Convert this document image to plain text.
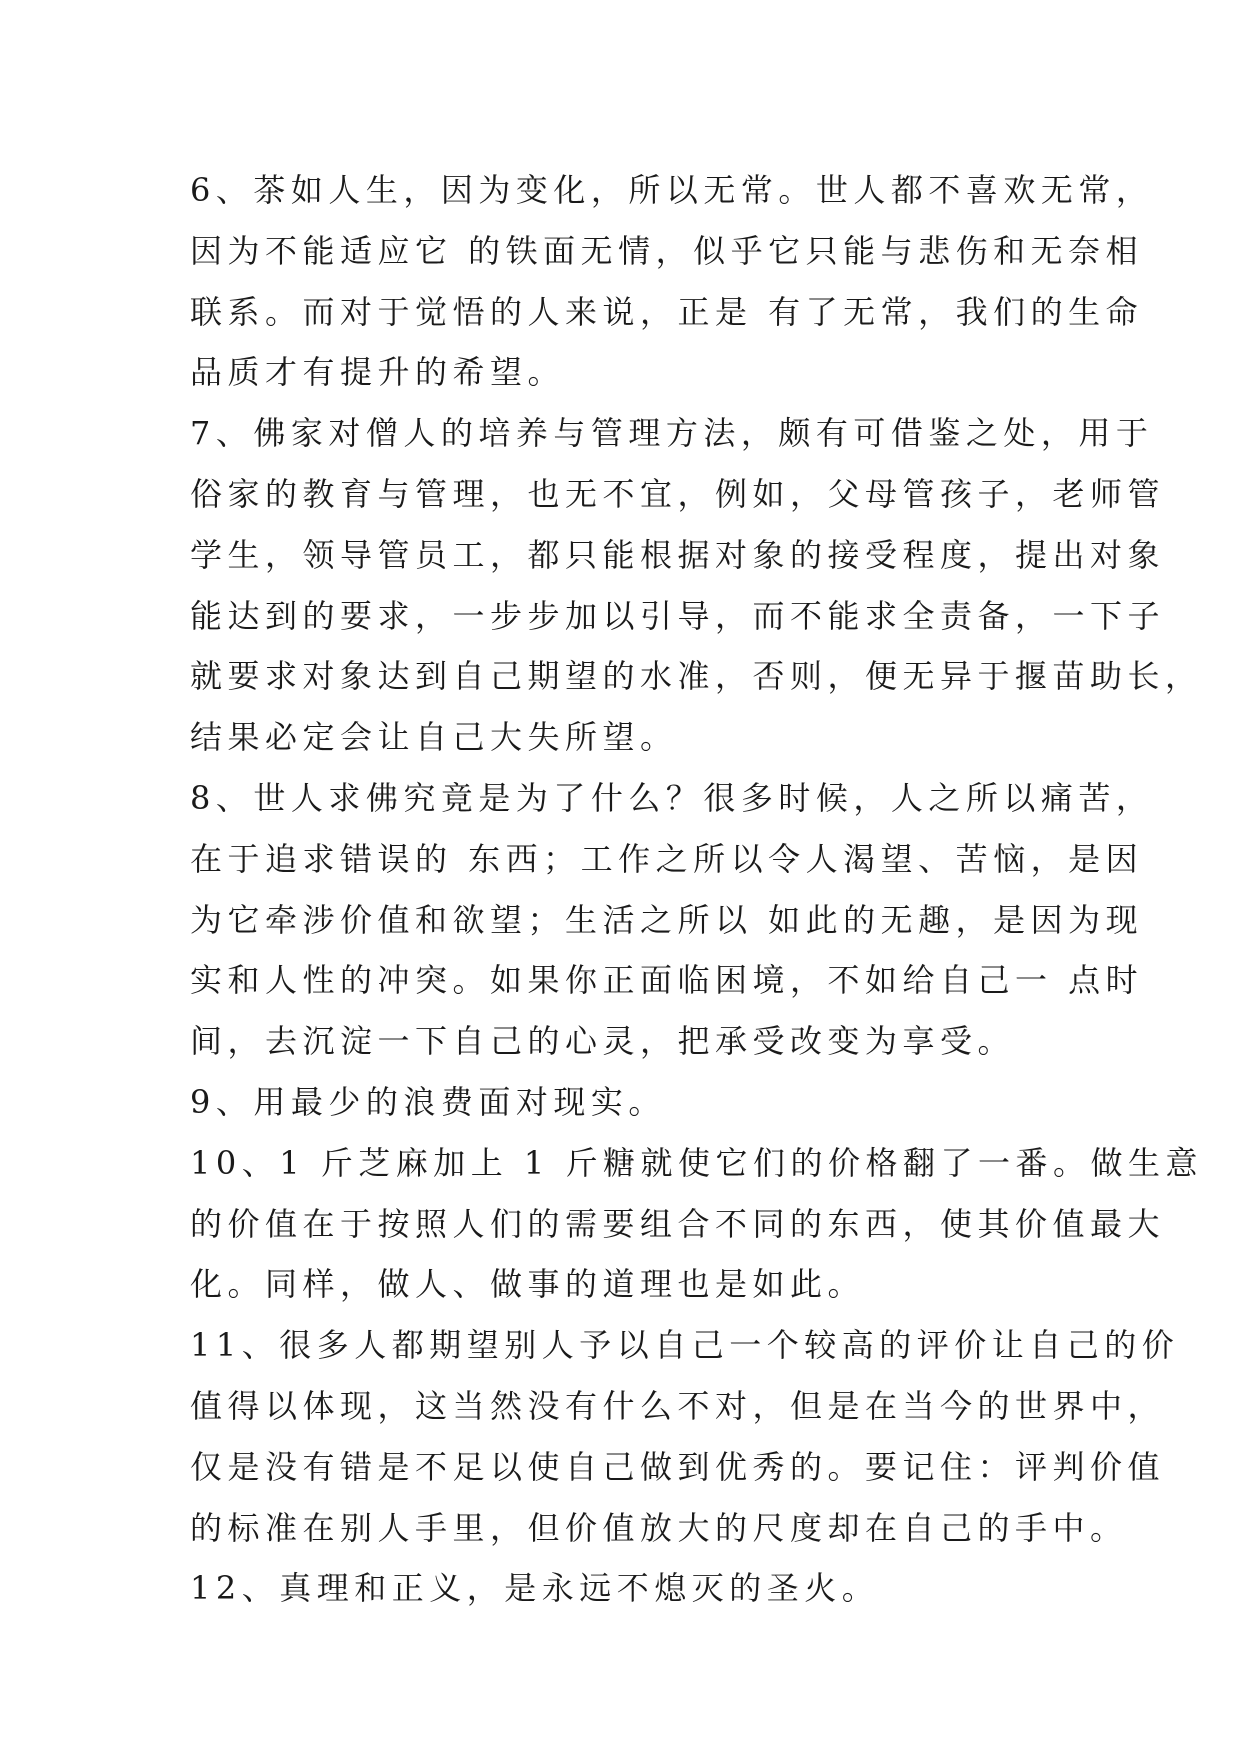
6、茶如人生，因为变化，所以无常。世人都不喜欢无常，
因为不能适应它 的铁面无情，似乎它只能与悲伤和无奈相
联系。而对于觉悟的人来说，正是 有了无常，我们的生命
品质才有提升的希望。
7、佛家对僧人的培养与管理方法，颇有可借鉴之处，用于
俗家的教育与管理，也无不宜，例如，父母管孩子，老师管
学生，领导管员工，都只能根据对象的接受程度，提出对象
能达到的要求，一步步加以引导，而不能求全责备，一下子
就要求对象达到自己期望的水准，否则，便无异于揠苗助长，
结果必定会让自己大失所望。
8、世人求佛究竟是为了什么？很多时候，人之所以痛苦，
在于追求错误的 东西；工作之所以令人渴望、苦恼，是因
为它牵涉价值和欲望；生活之所以 如此的无趣，是因为现
实和人性的冲突。如果你正面临困境，不如给自己一 点时
间，去沉淀一下自己的心灵，把承受改变为享受。
9、用最少的浪费面对现实。
10、1 斤芝麻加上 1 斤糖就使它们的价格翻了一番。做生意
的价值在于按照人们的需要组合不同的东西，使其价值最大
化。同样，做人、做事的道理也是如此。
11、很多人都期望别人予以自己一个较高的评价让自己的价
值得以体现，这当然没有什么不对，但是在当今的世界中，
仅是没有错是不足以使自己做到优秀的。要记住：评判价值
的标准在别人手里，但价值放大的尺度却在自己的手中。
12、真理和正义，是永远不熄灭的圣火。
